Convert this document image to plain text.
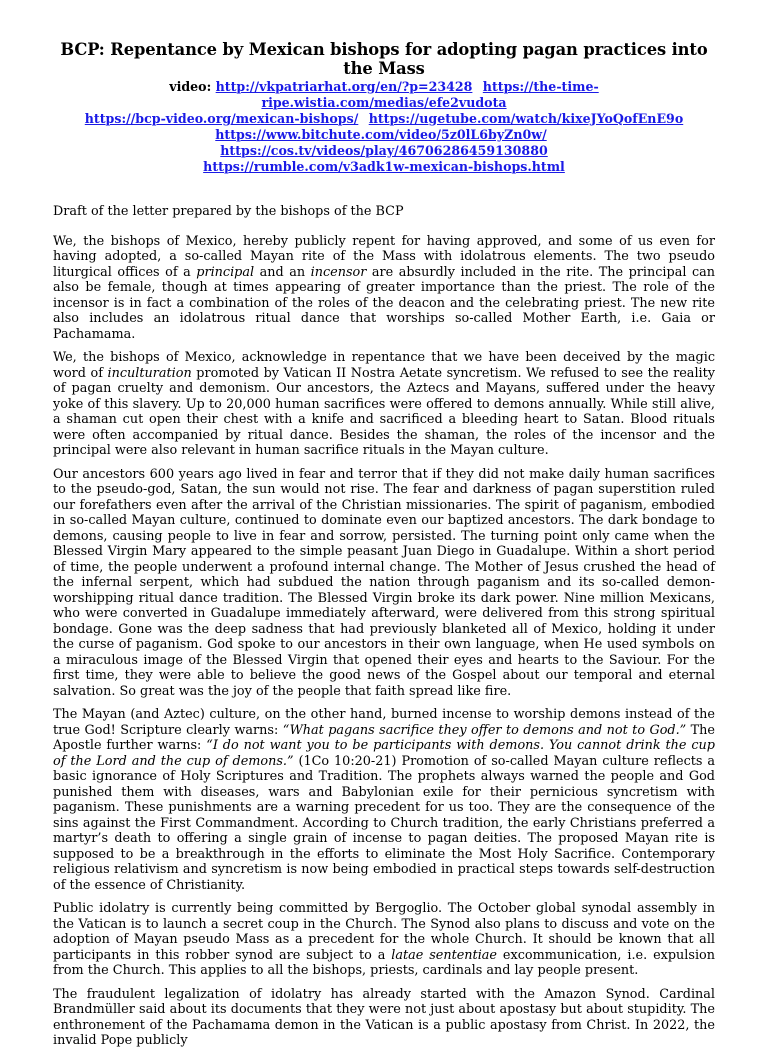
BCP: Repentance by Mexican bishops for adopting pagan practices into the Mass
video: http://vkpatriarhat.org/en/?p=23428 https://the-time-ripe.wistia.com/medias/efe2vudota
https://bcp-video.org/mexican-bishops/ https://ugetube.com/watch/kixeJYoQofEnE9o
https://www.bitchute.com/video/5z0lL6byZn0w/ https://cos.tv/videos/play/46706286459130880
https://rumble.com/v3adk1w-mexican-bishops.html

Draft of the letter prepared by the bishops of the BCP

We, the bishops of Mexico, hereby publicly repent for having approved, and some of us even for having adopted, a so-called Mayan rite of the Mass with idolatrous elements. The two pseudo liturgical offices of a principal and an incensor are absurdly included in the rite. The principal can also be female, though at times appearing of greater importance than the priest. The role of the incensor is in fact a combination of the roles of the deacon and the celebrating priest. The new rite also includes an idolatrous ritual dance that worships so-called Mother Earth, i.e. Gaia or Pachamama.

We, the bishops of Mexico, acknowledge in repentance that we have been deceived by the magic word of inculturation promoted by Vatican II Nostra Aetate syncretism. We refused to see the reality of pagan cruelty and demonism. Our ancestors, the Aztecs and Mayans, suffered under the heavy yoke of this slavery. Up to 20,000 human sacrifices were offered to demons annually. While still alive, a shaman cut open their chest with a knife and sacrificed a bleeding heart to Satan. Blood rituals were often accompanied by ritual dance. Besides the shaman, the roles of the incensor and the principal were also relevant in human sacrifice rituals in the Mayan culture.

Our ancestors 600 years ago lived in fear and terror that if they did not make daily human sacrifices to the pseudo-god, Satan, the sun would not rise. The fear and darkness of pagan superstition ruled our forefathers even after the arrival of the Christian missionaries. The spirit of paganism, embodied in so-called Mayan culture, continued to dominate even our baptized ancestors. The dark bondage to demons, causing people to live in fear and sorrow, persisted. The turning point only came when the Blessed Virgin Mary appeared to the simple peasant Juan Diego in Guadalupe. Within a short period of time, the people underwent a profound internal change. The Mother of Jesus crushed the head of the infernal serpent, which had subdued the nation through paganism and its so-called demon-worshipping ritual dance tradition. The Blessed Virgin broke its dark power. Nine million Mexicans, who were converted in Guadalupe immediately afterward, were delivered from this strong spiritual bondage. Gone was the deep sadness that had previously blanketed all of Mexico, holding it under the curse of paganism. God spoke to our ancestors in their own language, when He used symbols on a miraculous image of the Blessed Virgin that opened their eyes and hearts to the Saviour. For the first time, they were able to believe the good news of the Gospel about our temporal and eternal salvation. So great was the joy of the people that faith spread like fire.

The Mayan (and Aztec) culture, on the other hand, burned incense to worship demons instead of the true God! Scripture clearly warns: “What pagans sacrifice they offer to demons and not to God.” The Apostle further warns: “I do not want you to be participants with demons. You cannot drink the cup of the Lord and the cup of demons.” (1Co 10:20-21) Promotion of so-called Mayan culture reflects a basic ignorance of Holy Scriptures and Tradition. The prophets always warned the people and God punished them with diseases, wars and Babylonian exile for their pernicious syncretism with paganism. These punishments are a warning precedent for us too. They are the consequence of the sins against the First Commandment. According to Church tradition, the early Christians preferred a martyr’s death to offering a single grain of incense to pagan deities. The proposed Mayan rite is supposed to be a breakthrough in the efforts to eliminate the Most Holy Sacrifice. Contemporary religious relativism and syncretism is now being embodied in practical steps towards self-destruction of the essence of Christianity.

Public idolatry is currently being committed by Bergoglio. The October global synodal assembly in the Vatican is to launch a secret coup in the Church. The Synod also plans to discuss and vote on the adoption of Mayan pseudo Mass as a precedent for the whole Church. It should be known that all participants in this robber synod are subject to a latae sententiae excommunication, i.e. expulsion from the Church. This applies to all the bishops, priests, cardinals and lay people present.

The fraudulent legalization of idolatry has already started with the Amazon Synod. Cardinal Brandmüller said about its documents that they were not just about apostasy but about stupidity. The enthronement of the Pachamama demon in the Vatican is a public apostasy from Christ. In 2022, the invalid Pope publicly
